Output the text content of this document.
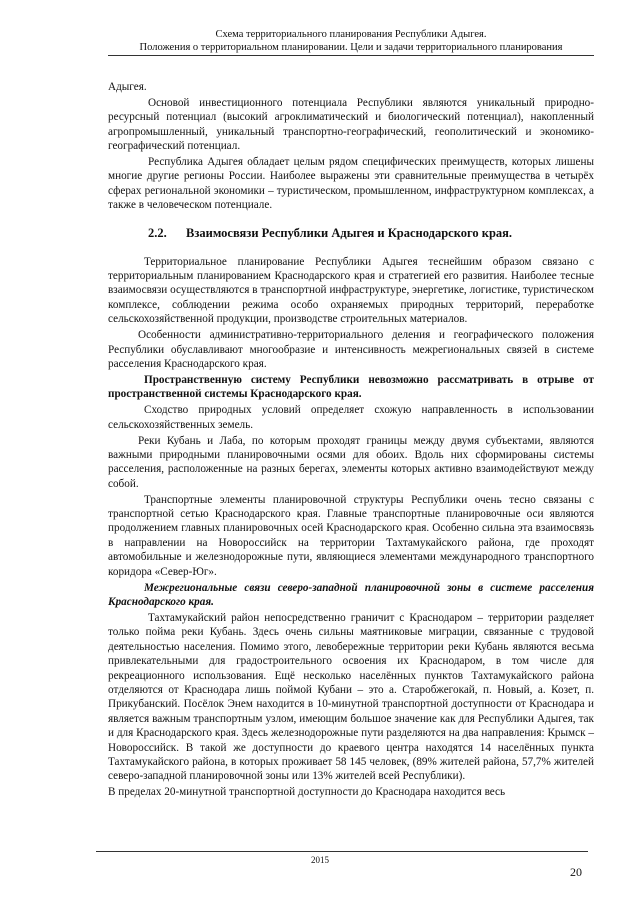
Схема территориального планирования Республики Адыгея.
Положения о территориальном планировании. Цели и задачи территориального планирования

Адыгея.

Основой инвестиционного потенциала Республики являются уникальный природно-ресурсный потенциал (высокий агроклиматический и биологический потенциал), накопленный агропромышленный, уникальный транспортно-географический, геополитический и экономико-географический потенциал.

Республика Адыгея обладает целым рядом специфических преимуществ, которых лишены многие другие регионы России. Наиболее выражены эти сравнительные преимущества в четырёх сферах региональной экономики – туристическом, промышленном, инфраструктурном комплексах, а также в человеческом потенциале.

2.2. Взаимосвязи Республики Адыгея и Краснодарского края.

Территориальное планирование Республики Адыгея теснейшим образом связано с территориальным планированием Краснодарского края и стратегией его развития. Наиболее тесные взаимосвязи осуществляются в транспортной инфраструктуре, энергетике, логистике, туристическом комплексе, соблюдении режима особо охраняемых природных территорий, переработке сельскохозяйственной продукции, производстве строительных материалов.

Особенности административно-территориального деления и географического положения Республики обуславливают многообразие и интенсивность межрегиональных связей в системе расселения Краснодарского края.

Пространственную систему Республики невозможно рассматривать в отрыве от пространственной системы Краснодарского края.

Сходство природных условий определяет схожую направленность в использовании сельскохозяйственных земель.

Реки Кубань и Лаба, по которым проходят границы между двумя субъектами, являются важными природными планировочными осями для обоих. Вдоль них сформированы системы расселения, расположенные на разных берегах, элементы которых активно взаимодействуют между собой.

Транспортные элементы планировочной структуры Республики очень тесно связаны с транспортной сетью Краснодарского края. Главные транспортные планировочные оси являются продолжением главных планировочных осей Краснодарского края. Особенно сильна эта взаимосвязь в направлении на Новороссийск на территории Тахтамукайского района, где проходят автомобильные и железнодорожные пути, являющиеся элементами международного транспортного коридора «Север-Юг».

Межрегиональные связи северо-западной планировочной зоны в системе расселения Краснодарского края.

Тахтамукайский район непосредственно граничит с Краснодаром – территории разделяет только пойма реки Кубань. Здесь очень сильны маятниковые миграции, связанные с трудовой деятельностью населения. Помимо этого, левобережные территории реки Кубань являются весьма привлекательными для градостроительного освоения их Краснодаром, в том числе для рекреационного использования. Ещё несколько населённых пунктов Тахтамукайского района отделяются от Краснодара лишь поймой Кубани – это а. Старобжегокай, п. Новый, а. Козет, п. Прикубанский. Посёлок Энем находится в 10-минутной транспортной доступности от Краснодара и является важным транспортным узлом, имеющим большое значение как для Республики Адыгея, так и для Краснодарского края. Здесь железнодорожные пути разделяются на два направления: Крымск – Новороссийск. В такой же доступности до краевого центра находятся 14 населённых пункта Тахтамукайского района, в которых проживает 58 145 человек, (89% жителей района, 57,7% жителей северо-западной планировочной зоны или 13% жителей всей Республики).

В пределах 20-минутной транспортной доступности до Краснодара находится весь

2015
20
